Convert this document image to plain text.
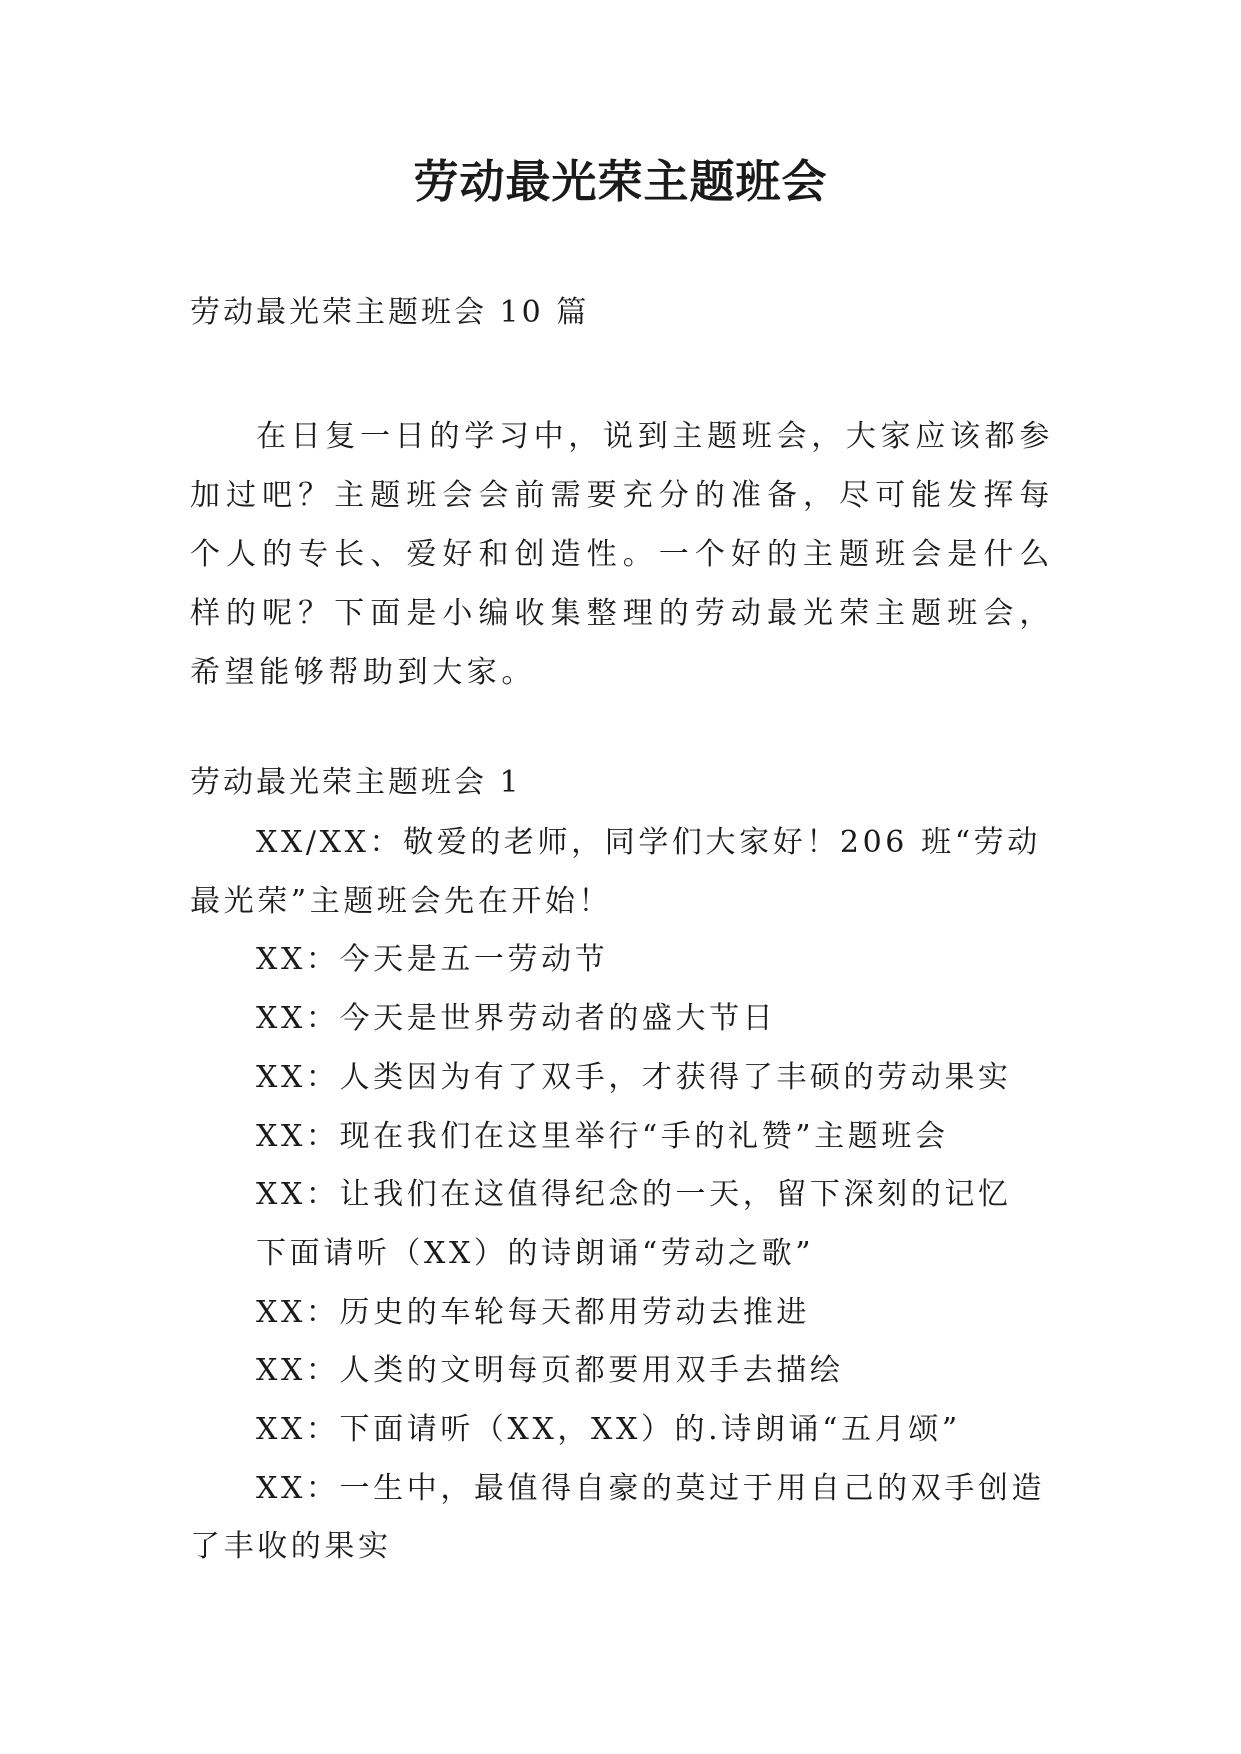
劳动最光荣主题班会

劳动最光荣主题班会 10 篇

在日复一日的学习中，说到主题班会，大家应该都参加过吧？主题班会会前需要充分的准备，尽可能发挥每个人的专长、爱好和创造性。一个好的主题班会是什么样的呢？下面是小编收集整理的劳动最光荣主题班会，希望能够帮助到大家。

劳动最光荣主题班会 1

XX/XX：敬爱的老师，同学们大家好！206 班“劳动最光荣”主题班会先在开始！
XX：今天是五一劳动节
XX：今天是世界劳动者的盛大节日
XX：人类因为有了双手，才获得了丰硕的劳动果实
XX：现在我们在这里举行“手的礼赞”主题班会
XX：让我们在这值得纪念的一天，留下深刻的记忆
下面请听（XX）的诗朗诵“劳动之歌”
XX：历史的车轮每天都用劳动去推进
XX：人类的文明每页都要用双手去描绘
XX：下面请听（XX，XX）的.诗朗诵“五月颂”
XX：一生中，最值得自豪的莫过于用自己的双手创造了丰收的果实
